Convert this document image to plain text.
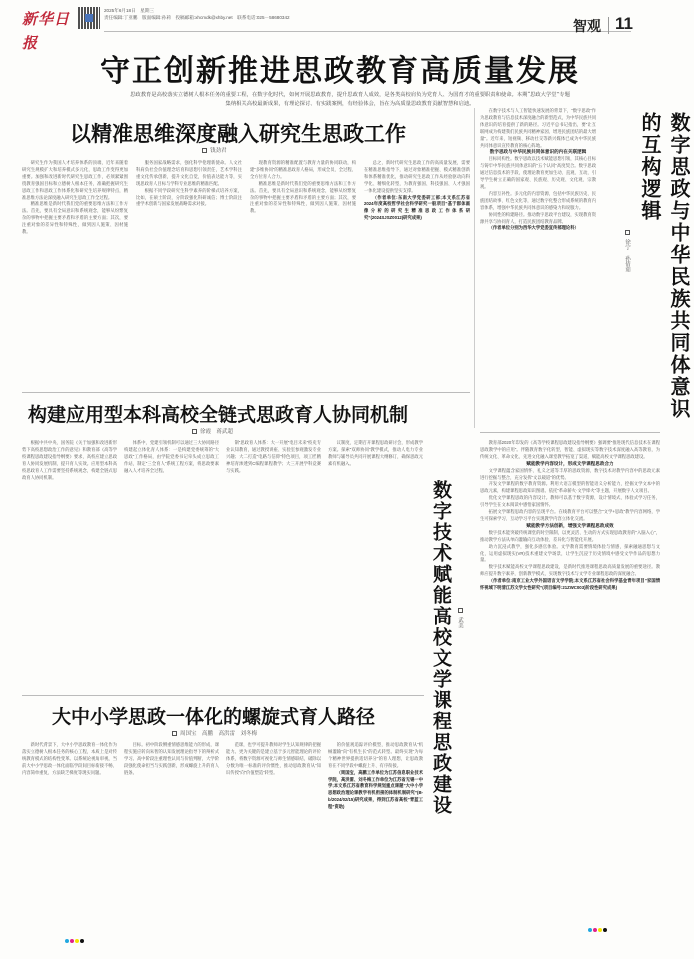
新华日报
2025年6月18日　星期三
责任编辑:丁亚鹏　版面编辑:孙莉　投稿邮箱:xhcmdk@xhby.net　联系电话:025－58680342
智观 11
守正创新推进思政教育高质量发展
思政教育是高校落实立德树人根本任务的重要工程，在数字化时代，如何开展思政教育，提升思政育人成效，是各类高校肩负为党育人、为国育才的重要职责和使命。本期“思政大学堂”专题集纳相关高校最新成果，有理论探讨、有实践案例，有经验体会，旨在为高质量思政教育贡献智慧和启迪。
以精准思维深度融入研究生思政工作
钱劲君

研究生作为我国人才培养体系的顶端，近年来随着研究生规模扩大和培养模式多元化，思政工作变得更加重要。加强和改进新时代研究生思政工作，必须紧紧围绕教育强国目标和立德树人根本任务，准确把握研究生思政工作和思政工作体系化和研究生培养规律特点，精准思维方法论深度融入研究生思政工作全过程。

精准思维是新时代我们党的重要思维方法和工作方法。首先，要具有全局意识和系统观念，能够从纷繁复杂的事物中把握主要矛盾和矛盾的主要方面；其次，要注重对象的差异性和特殊性，做到因人施策、因材施教。

服务国家战略需求，强化科学伦理新使命。人文社科肩负社会价值理念培育和思想引领责任，艺术学科注重文化传承创新，提升文化自觉，价值表达能力等，实现思政育人目标与学科专业思维的精准匹配。

根据不同学段研究生科学素养的阶梯式培养方案，比如，在硕士阶段，分阶段强化科研诚信；博士阶段注重学术创新与国家发展战略需求对接。

现教育资源的精准配置与教育力量的协同联动，构建“多维协同”的精准思政育人格局，形成全员、全过程、全方位育人合力。

精准思维是新时代我们党的重要思维方法和工作方法。首先，要具有全局意识和系统观念，能够从纷繁复杂的事物中把握主要矛盾和矛盾的主要方面；其次，要注重对象的差异性和特殊性，做到因人施策、因材施教。

总之，新时代研究生思政工作的高质量发展，需要在精准思维指导下，通过对象精准把握、模式精准创新和体系精准优化，推动研究生思政工作从经验驱动向科学化、精细化转型，为教育强国、科技强国、人才强国一体化建设提供坚实支撑。

（作者单位:东南大学党委研工部;本文系江苏省2024年度高校哲学社会科学研究一般项目“基于群体画像分析的研究生精准思政工作体系研究”(2024SJSZ0012)研究成果)

构建应用型本科高校全链式思政育人协同机制
徐霞　蒋武超

根据中共中央、国务院《关于加强和改进新形势下高校思想政治工作的意见》和教育部《高等学校课程思政建设指导纲要》要求，高校应建立思政育人协同发展机制，提升育人实效。应用型本科高校思政育人工作需要坚持系统观念，构建全链式思政育人协同机制。

体系中，党建引领机制可以通过三大协同路径构建起立体化育人体系：一是构建党委统筹的“大思政”工作格局，由学院党委书记牵头成立思政工作站，制定“三全育人”系统工程方案，将思政要素融入人才培养全过程。

制“思政育人体系：大一开展“电目未来”校史专业认知教育，通过教授讲座、实验室参观激发专业兴趣；大二打造“电路与信仰”特色项目，项工匠精神培育渗透到C编程课程教学；大三开展学科竞赛与实践。

议制度，定期召开课程思政研讨会，形成教学方案。探索“双师协同”教学模式，推动人电力专业教师与辅导员共同开展课程大纲修订，确保思政元素有机融入。

大中小学思政一体化的螺旋式育人路径
周国宝　高鹏　高洪雷　刘冬梅

新时代背景下，大中小学思政教育一体化作为落实立德树人根本任务的核心工程，本质上是对传统教育模式的结构性变革。以系统论视角审视，当前大中小学思政一体化面临学段间目标衔接不畅、内容简单重复、方法缺乏梯度等现实问题。

目标。初中阶段侧重情感思维能力的形成，课程实施应转向朱智的认知发展理论指导下的辩析式学习。高中阶段注重理性认同与价值判断，大学阶段强化使命担当与实践创新，形成螺旋上升的育人链条。

范课，也学可提升教师对学生认知规律的把握能力。更为关键的是建立基于多元智能理论的评价体系，将数字资源可视化与师生情感联结，破除以分数为唯一标准的评价惯性，推动思政教育从“知识传授”向“价值塑造”转型。

的价值观追踪评价模型，推动思政教育从“机械灌输”向“有机生长”的范式转型。最终实现“为每个精神世界提供适切养分”的育人理想，让思政教育在不同学段中螺旋上升、有序衔接。

（周国宝，高鹏工作单位为江苏信息职业技术学院，高洪雷、刘冬梅工作单位为江苏省无锡一中学;本文系江苏省教育科学规划重点课题“大中小学思想政治理论课教学有机衔接的体制机制研究”(B-b/2024/02/15)研究成果，得到江苏省高校“青蓝工程”资助)

在数字技术与人工智能快速发展的背景下，“数字思政”作为思政教育与信息技术深度融合的新型范式，为中华民族共同体意识的培育提供了新的路径。习近平总书记指出，要“让互联网成为构建我们民族共同精神家园、增进民族团结的最大增量”。近年来，短视频、移动社交等新兴媒体已成为中华民族共同体意识宣传教育的核心阵地。

数字思政与中华民族共同体意识的内在关联逻辑

目标同构性。数字思政以技术赋能思想引领，其核心目标与铸牢中华民族共同体意识的“五个认同”高度契合。数字思政通过信息技术的手段，使理论教育更加生动、直观、互动，引导学生树立正确的国家观、民族观、历史观、文化观、宗教观。

内容互补性。多元化的内容资源，包括中华民族历史、民族团结故事、红色文化等，通过数字化整合形成系统的教育内容体系，增强中华民族共同体意识的感染力和说服力。

协同性的构建路径。推动数字思政平台建设，实现教育资源共享与协同育人，打造民族团结教育品牌。

（作者单位分别为西华大学党委宣传部理论科）	数字思政与中华民族共同体意识的互构逻辑
徐宁　孙倩茹
数字技术赋能高校文学课程思政建设 武美

教育部2020年印发的《高等学校课程思政建设指导纲要》强调要“推进现代信息技术在课程思政教学中的应用”。伴随教育数字化转型，智能、虚拟现实等数字技术深度融入高等教育，为传统文化、革命文化、先进文化融入课堂教学拓宽了渠道，赋能高校文学课程思政建设。

赋能教学内容设计，形成文学课程思政合力

文学课程蕴含家国情怀、礼义之道等丰厚的思政资源，数字技术对教学内容中的思政元素进行挖掘与整合，充分发挥“文以载道”的优势。

开发文学课程的数字教育资源。利用大语言模型的智能语义分析能力，挖掘文学文本中的思政元素，构建课程思政知识图谱。依托“革命薪火·文学烽火”等主题，开展数字人文项目。

优化文学课程思政的内容设计。教师可以基于数字资源，设计情境式、体验式学习任务，引导学生在文本阅读中感悟家国情怀。

拓展文学课程思政内容的呈现平台。在线教育平台可以整合“文学+思政”教学内容网络，学生可探索学习、互动学习平台实现教学内容立体化交流。

赋能教学方法创新，增强文学课程思政成效

数字技术能突破传统课堂的时空限制，以更灵活、生动的方式实现思政教育的“入脑入心”，推动教学方法从单向灌输向互动体验、差异化与智能化开展。

助力沉浸式教学，强化多感官体验。文学教育需要情境体验与情感，探索融通思想与文化，运用虚拟现实(VR)技术重建文学场景，让学生沉浸于历史情境中感受文学作品的思想力量。

数字技术赋能高校文学课程思政建设，是新时代推进课程思政高质量发展的重要途径。教师应提升数字素养，创新教学模式，实现数字技术与文学专业课程思政的深度融合。

（作者单位:南京工业大学外国语言文学学院;本文系江苏省社会科学基金青年项目“家国情怀视域下明清江苏文学女性研究”(项目编号:21ZWC003)阶段性研究成果)
